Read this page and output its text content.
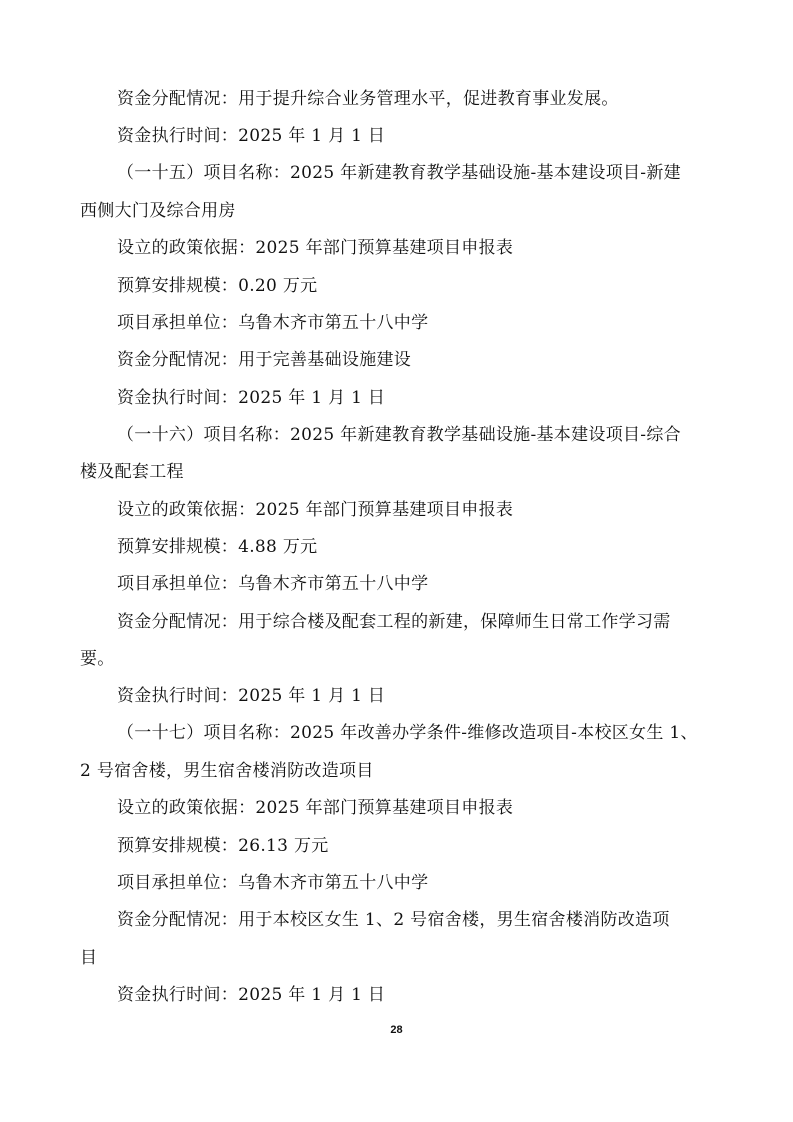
资金分配情况：用于提升综合业务管理水平，促进教育事业发展。
资金执行时间：2025 年 1 月 1 日
（一十五）项目名称：2025 年新建教育教学基础设施-基本建设项目-新建
西侧大门及综合用房
设立的政策依据：2025 年部门预算基建项目申报表
预算安排规模：0.20 万元
项目承担单位：乌鲁木齐市第五十八中学
资金分配情况：用于完善基础设施建设
资金执行时间：2025 年 1 月 1 日
（一十六）项目名称：2025 年新建教育教学基础设施-基本建设项目-综合
楼及配套工程
设立的政策依据：2025 年部门预算基建项目申报表
预算安排规模：4.88 万元
项目承担单位：乌鲁木齐市第五十八中学
资金分配情况：用于综合楼及配套工程的新建，保障师生日常工作学习需
要。
资金执行时间：2025 年 1 月 1 日
（一十七）项目名称：2025 年改善办学条件-维修改造项目-本校区女生 1、
2 号宿舍楼，男生宿舍楼消防改造项目
设立的政策依据：2025 年部门预算基建项目申报表
预算安排规模：26.13 万元
项目承担单位：乌鲁木齐市第五十八中学
资金分配情况：用于本校区女生 1、2 号宿舍楼，男生宿舍楼消防改造项
目
资金执行时间：2025 年 1 月 1 日
28
